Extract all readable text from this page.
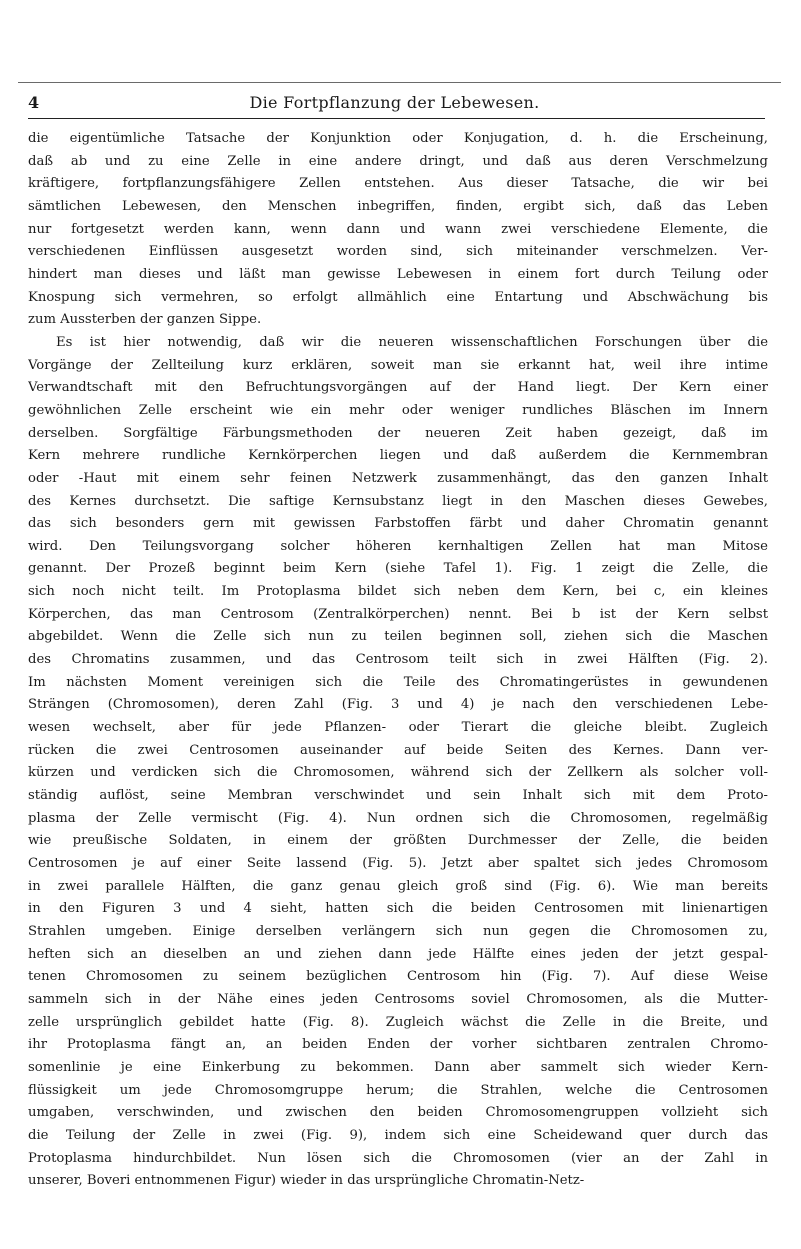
4	Die Fortpflanzung der Lebewesen.

die eigentümliche Tatsache der Konjunktion oder Konjugation, d. h. die Erscheinung,
daß ab und zu eine Zelle in eine andere dringt, und daß aus deren Verschmelzung
kräftigere, fortpflanzungsfähigere Zellen entstehen. Aus dieser Tatsache, die wir bei
sämtlichen Lebewesen, den Menschen inbegriffen, finden, ergibt sich, daß das Leben
nur fortgesetzt werden kann, wenn dann und wann zwei verschiedene Elemente, die
verschiedenen Einflüssen ausgesetzt worden sind, sich miteinander verschmelzen. Ver-
hindert man dieses und läßt man gewisse Lebewesen in einem fort durch Teilung oder
Knospung sich vermehren, so erfolgt allmählich eine Entartung und Abschwächung bis
zum Aussterben der ganzen Sippe.

Es ist hier notwendig, daß wir die neueren wissenschaftlichen Forschungen über die
Vorgänge der Zellteilung kurz erklären, soweit man sie erkannt hat, weil ihre intime
Verwandtschaft mit den Befruchtungsvorgängen auf der Hand liegt. Der Kern einer
gewöhnlichen Zelle erscheint wie ein mehr oder weniger rundliches Bläschen im Innern
derselben. Sorgfältige Färbungsmethoden der neueren Zeit haben gezeigt, daß im
Kern mehrere rundliche Kernkörperchen liegen und daß außerdem die Kernmembran
oder -Haut mit einem sehr feinen Netzwerk zusammenhängt, das den ganzen Inhalt
des Kernes durchsetzt. Die saftige Kernsubstanz liegt in den Maschen dieses Gewebes,
das sich besonders gern mit gewissen Farbstoffen färbt und daher Chromatin genannt
wird. Den Teilungsvorgang solcher höheren kernhaltigen Zellen hat man Mitose
genannt. Der Prozeß beginnt beim Kern (siehe Tafel 1). Fig. 1 zeigt die Zelle, die
sich noch nicht teilt. Im Protoplasma bildet sich neben dem Kern, bei c, ein kleines
Körperchen, das man Centrosom (Zentralkörperchen) nennt. Bei b ist der Kern selbst
abgebildet. Wenn die Zelle sich nun zu teilen beginnen soll, ziehen sich die Maschen
des Chromatins zusammen, und das Centrosom teilt sich in zwei Hälften (Fig. 2).
Im nächsten Moment vereinigen sich die Teile des Chromatingerüstes in gewundenen
Strängen (Chromosomen), deren Zahl (Fig. 3 und 4) je nach den verschiedenen Lebe-
wesen wechselt, aber für jede Pflanzen- oder Tierart die gleiche bleibt. Zugleich
rücken die zwei Centrosomen auseinander auf beide Seiten des Kernes. Dann ver-
kürzen und verdicken sich die Chromosomen, während sich der Zellkern als solcher voll-
ständig auflöst, seine Membran verschwindet und sein Inhalt sich mit dem Proto-
plasma der Zelle vermischt (Fig. 4). Nun ordnen sich die Chromosomen, regelmäßig
wie preußische Soldaten, in einem der größten Durchmesser der Zelle, die beiden
Centrosomen je auf einer Seite lassend (Fig. 5). Jetzt aber spaltet sich jedes Chromosom
in zwei parallele Hälften, die ganz genau gleich groß sind (Fig. 6). Wie man bereits
in den Figuren 3 und 4 sieht, hatten sich die beiden Centrosomen mit linienartigen
Strahlen umgeben. Einige derselben verlängern sich nun gegen die Chromosomen zu,
heften sich an dieselben an und ziehen dann jede Hälfte eines jeden der jetzt gespal-
tenen Chromosomen zu seinem bezüglichen Centrosom hin (Fig. 7). Auf diese Weise
sammeln sich in der Nähe eines jeden Centrosoms soviel Chromosomen, als die Mutter-
zelle ursprünglich gebildet hatte (Fig. 8). Zugleich wächst die Zelle in die Breite, und
ihr Protoplasma fängt an, an beiden Enden der vorher sichtbaren zentralen Chromo-
somenlinie je eine Einkerbung zu bekommen. Dann aber sammelt sich wieder Kern-
flüssigkeit um jede Chromosomgruppe herum; die Strahlen, welche die Centrosomen
umgaben, verschwinden, und zwischen den beiden Chromosomengruppen vollzieht sich
die Teilung der Zelle in zwei (Fig. 9), indem sich eine Scheidewand quer durch das
Protoplasma hindurchbildet. Nun lösen sich die Chromosomen (vier an der Zahl in
unserer, Boveri entnommenen Figur) wieder in das ursprüngliche Chromatin-Netz-
